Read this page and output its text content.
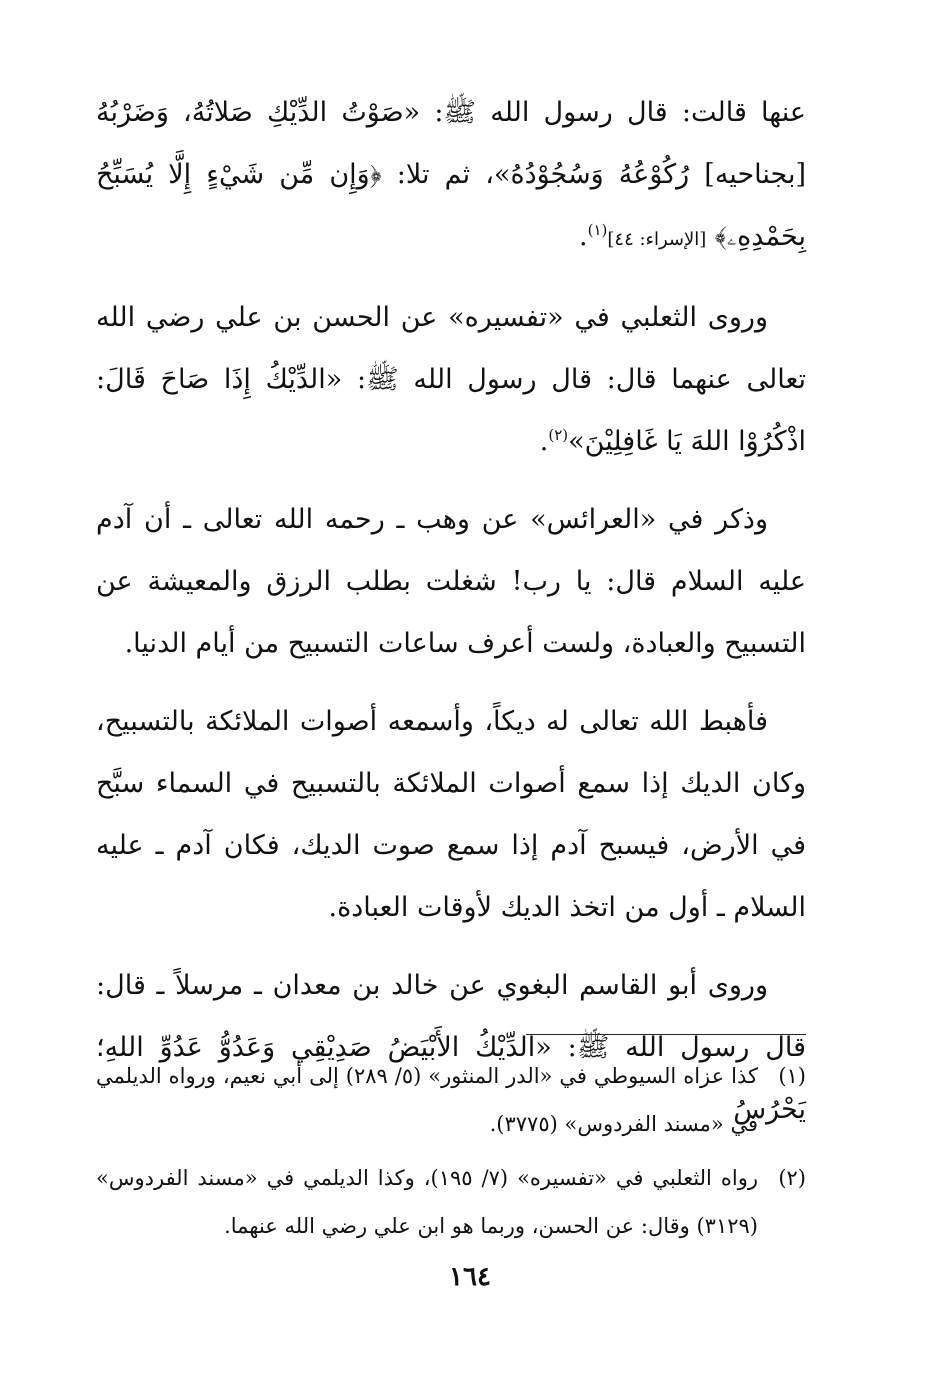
عنها قالت: قال رسول الله ﷺ: «صَوْتُ الدِّيْكِ صَلاتُهُ، وَضَرْبُهُ [بجناحيه] رُكُوْعُهُ وَسُجُوْدُهُ»، ثم تلا: ﴿وَإِن مِّن شَيْءٍ إِلَّا يُسَبِّحُ بِحَمْدِهِۦ﴾ [الإسراء: ٤٤]$^{(١)}$.

وروى الثعلبي في «تفسيره» عن الحسن بن علي رضي الله تعالى عنهما قال: قال رسول الله ﷺ: «الدِّيْكُ إِذَا صَاحَ قَالَ: اذْكُرُوْا اللهَ يَا غَافِلِيْنَ»$^{(٢)}$.

وذكر في «العرائس» عن وهب ـ رحمه الله تعالى ـ أن آدم عليه السلام قال: يا رب! شغلت بطلب الرزق والمعيشة عن التسبيح والعبادة، ولست أعرف ساعات التسبيح من أيام الدنيا.

فأهبط الله تعالى له ديكاً، وأسمعه أصوات الملائكة بالتسبيح، وكان الديك إذا سمع أصوات الملائكة بالتسبيح في السماء سبَّح في الأرض، فيسبح آدم إذا سمع صوت الديك، فكان آدم ـ عليه السلام ـ أول من اتخذ الديك لأوقات العبادة.

وروى أبو القاسم البغوي عن خالد بن معدان ـ مرسلاً ـ قال: قال رسول الله ﷺ: «الدِّيْكُ الأَبْيَضُ صَدِيْقِي وَعَدُوُّ عَدُوِّ اللهِ؛ يَحْرُسُ

(١)
كذا عزاه السيوطي في «الدر المنثور» (٥/ ٢٨٩) إلى أبي نعيم، ورواه الديلمي في «مسند الفردوس» (٣٧٧٥).
(٢)
رواه الثعلبي في «تفسيره» (٧/ ١٩٥)، وكذا الديلمي في «مسند الفردوس» (٣١٢٩) وقال: عن الحسن، وربما هو ابن علي رضي الله عنهما.
١٦٤
